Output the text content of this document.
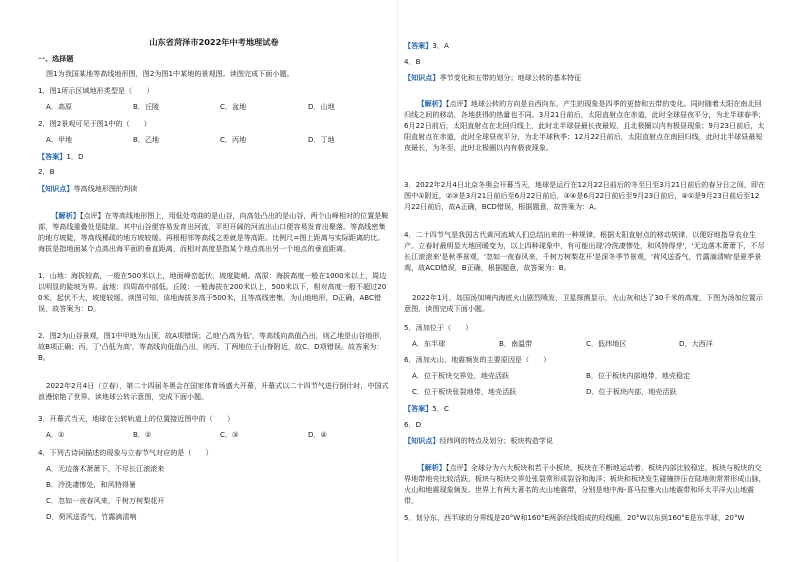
山东省菏泽市2022年中考地理试卷
一、选择题
图1为我国某地等高线地形图，图2为图1中某地的景观图。读图完成下面小题。
1．图1所示区域地形类型是（　　）
A．高原	B．丘陵	C．盆地	D．山地
2．图2景观可见于图1中的（　　）
A．甲地	B．乙地	C．丙地	D．丁地
【答案】1．D
2．B
【知识点】等高线地形图的判读

【解析】【点评】在等高线地形图上，用低处弯曲的是山谷，向高处凸出的是山谷，两个山峰相对的位置是鞍部，等高线重叠处是陡崖。其中山谷便容易发育出河流，平坦开阔的河流出山口便容易发育出聚落。等高线密集的地方坡陡，等高线稀疏的地方坡较缓。再根相邻等高线之差就是等高距。比例尺=图上距离与实际距离的比。海拔是指地面某个点高出海平面的垂直距离，而相对高度是指某个地点高出另一个地点的垂直距离。

1．山地：海拔较高，一般在500米以上，地面峰峦起伏，坡度陡峭。高原：海拔高度一般在1000米以上，周边以明显的陡坡为界。盆地：四周高中部低。丘陵：一般海拔在200米以上，500米以下，相对高度一般不超过200米，起伏不大，坡度较缓。读图可知，该地海拔多高于500米，且等高线密集，为山地地形，D正确，ABC错误，故答案为：D。
2．图2为山谷景观，图1中甲地为山顶，故A项错误；乙地'凸高为低'，等高线向高值凸出，则乙地是山谷地形，故B项正确；丙、丁'凸低为高'，等高线向低值凸出，则丙、丁两地位于山脊附近，故C、D项错误。故答案为：B。
2022年2月4日（立春），第二十四届冬奥会在国家体育场盛大开幕，开幕式以二十四节气进行倒计时，中国式浪漫惊艳了世界。读地球公转示意图，完成下面小题。
3．开幕式当天，地球在公转轨道上的位置接近图中的（　　）
A．①	B．②	C．③	D．④
4．下列古诗词描述的现象与立春节气对应的是（　　）
A．无边落木萧萧下，不尽长江滚滚来
B．冷洗凄惨处，和风特得暑
C．忽如一夜春风来，千树万树梨花开
D．荷风送香气，竹露滴清响
【答案】3．A
4．B
【知识点】季节变化和五带的划分；地球公转的基本特征

【解析】【点评】地球公转的方向是自西向东，产生的现象是四季的更替和五带的变化。同时随着太阳在南北回归线之间的移动，各地获得的热量也不同。3月21日前后，太阳直射点在赤道，此时全球昼夜平分，为北半球春季；6月22日前后，太阳直射点在北回归线上，此时北半球昼最长夜最短，且北极圈以内有极昼现象；9月23日前后，太阳直射点在赤道，此时全球昼夜平分，为北半球秋季；12月22日前后，太阳直射点在南回归线，此时北半球昼最短夜最长，为冬至，此时北极圈以内有极夜现象。

3．2022年2月4日北京冬奥会开幕当天，地球是运行在12月22日前后的冬至日至3月21日前后的春分日之间，即在图中①附近，②③是3月21日前后至6月22日前后，③④是6月22日前后至9月23日前后，④①是9月23日前后至12月22日前后，故A正确，BCD错误，根据题意，故答案为：A。
4．二十四节气是我国古代黄河流域人们总结出来的一种规律，根据太阳直射点的移动规律，以便好地指导农业生产。立春时最明显大地回暖变为，以上四种现象中，有可能出现'冷洗凄惨处，和风特得芽'，'无边落木萧萧下，不尽长江滚滚来'是秋季景观，'忽如一夜春风来，千树万树梨花开'是深冬季节景观，'荷风送香气，竹露滴清响'是夏季景观，故ACD错误，B正确，根据题意，故答案为：B。
2022年1月，岛国汤加境内海底火山剧烈喷发，卫星探测显示，火山灰和达了30千米的高度，下图为汤加位置示意图，读图完成下面小题。
5．汤加位于（　　）
A．东半球	B．南温带	C．低纬地区	D．大西洋
6．汤加火山、地震频发的主要原因是（　　）
A．位于板块交界处，地壳活跃	B．位于板块内部地带，地壳稳定
C．位于板块张裂地带，地壳活跃	D．位于板块内部，地壳活跃
【答案】5．C
6．D
【知识点】经纬网的特点及划分；板块构造学说

【解析】【点评】全球分为六大板块和若干小板块，板块在不断地运动着，板块内部比较稳定，板块与板块的交界地带地壳比较活跃，板块与板块交界处张裂常形成裂谷和海洋；板块和板块发生碰撞挤压在陆地则常常形成山脉，火山和地震现象频发。世界上有两大著名的火山地震带，分别是地中海-喜马拉雅火山地震带和环太平洋火山地震带。

5．划分东、西半球的分界线是20°W和160°E两条经线组成的经线圈，20°W以东到160°E是东半球，20°W
